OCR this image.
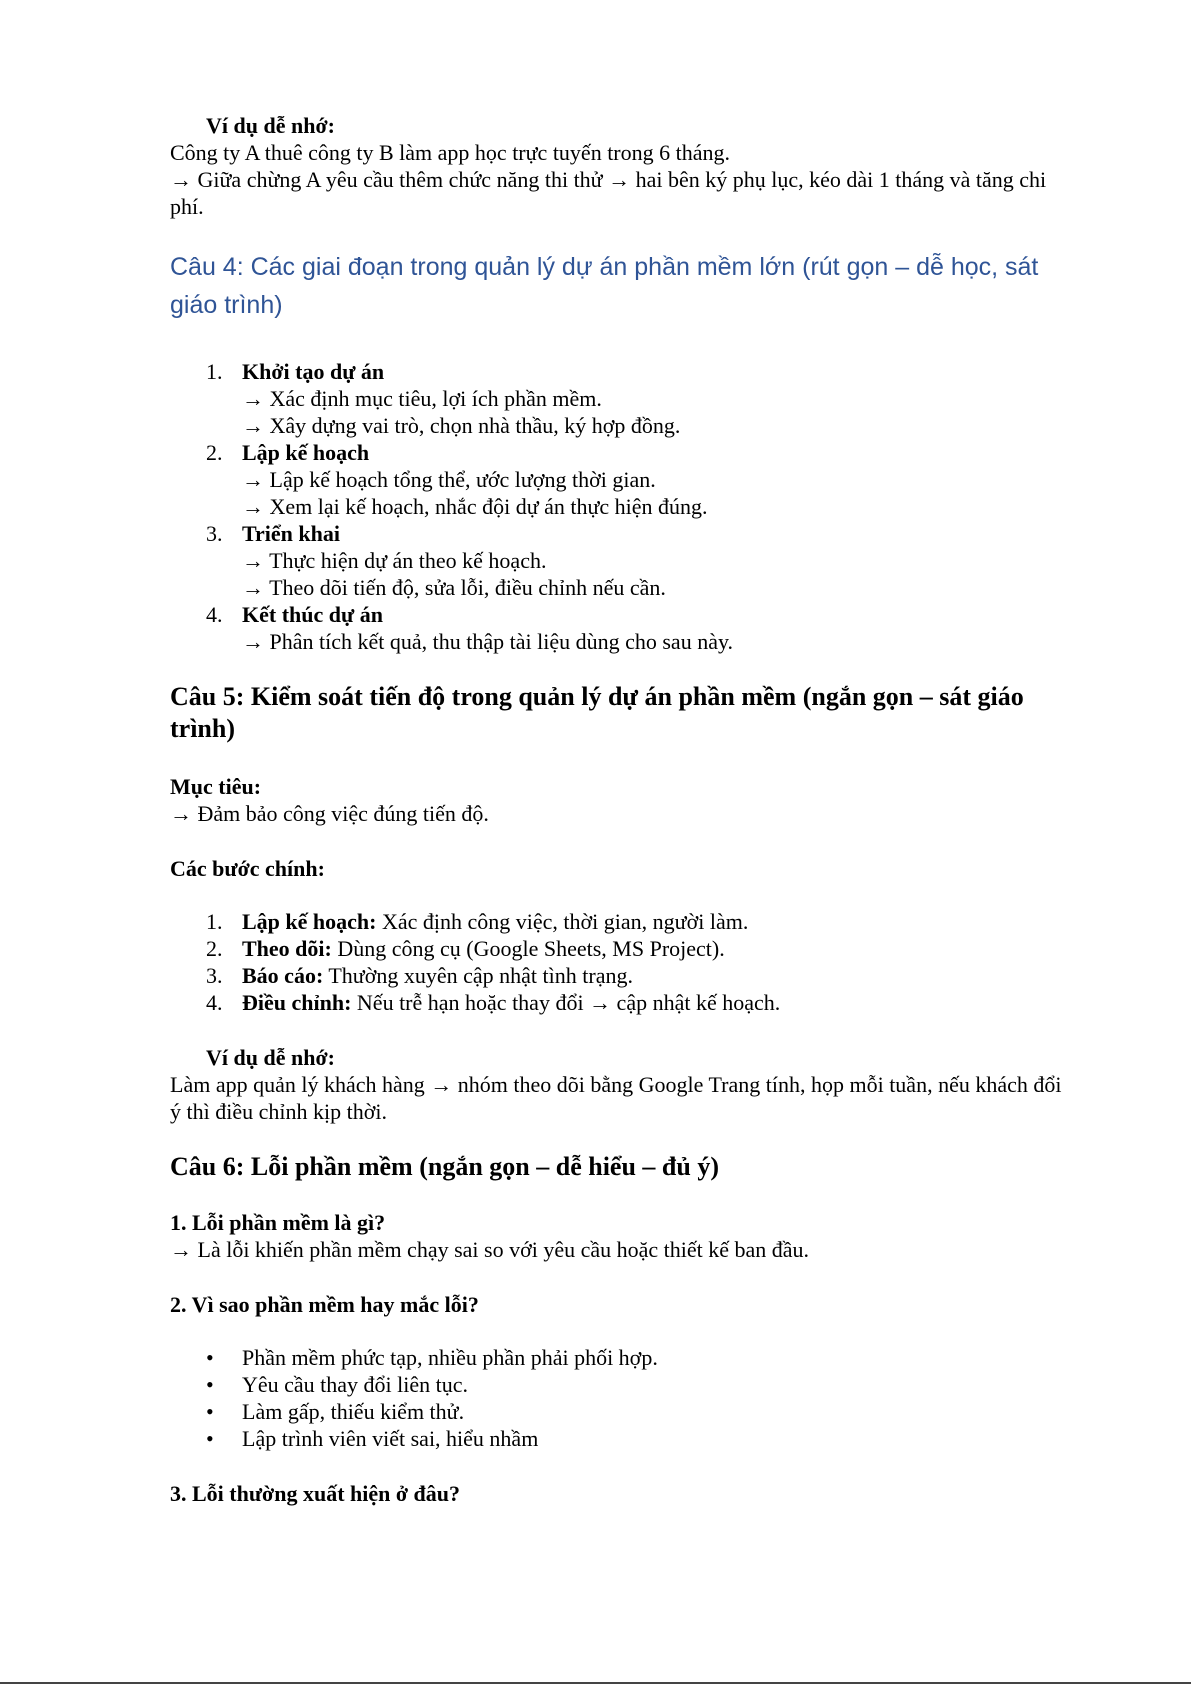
Ví dụ dễ nhớ:

Công ty A thuê công ty B làm app học trực tuyến trong 6 tháng.

→ Giữa chừng A yêu cầu thêm chức năng thi thử → hai bên ký phụ lục, kéo dài 1 tháng và tăng chi phí.

Câu 4: Các giai đoạn trong quản lý dự án phần mềm lớn (rút gọn – dễ học, sát giáo trình)
1. Khởi tạo dự án

→ Xác định mục tiêu, lợi ích phần mềm.

→ Xây dựng vai trò, chọn nhà thầu, ký hợp đồng.

2. Lập kế hoạch

→ Lập kế hoạch tổng thể, ước lượng thời gian.

→ Xem lại kế hoạch, nhắc đội dự án thực hiện đúng.

3. Triển khai

→ Thực hiện dự án theo kế hoạch.

→ Theo dõi tiến độ, sửa lỗi, điều chỉnh nếu cần.

4. Kết thúc dự án

→ Phân tích kết quả, thu thập tài liệu dùng cho sau này.

Câu 5: Kiểm soát tiến độ trong quản lý dự án phần mềm (ngắn gọn – sát giáo trình)

Mục tiêu:

→ Đảm bảo công việc đúng tiến độ.

Các bước chính:

1. Lập kế hoạch: Xác định công việc, thời gian, người làm.
2. Theo dõi: Dùng công cụ (Google Sheets, MS Project).
3. Báo cáo: Thường xuyên cập nhật tình trạng.
4. Điều chỉnh: Nếu trễ hạn hoặc thay đổi → cập nhật kế hoạch.

Ví dụ dễ nhớ:

Làm app quản lý khách hàng → nhóm theo dõi bằng Google Trang tính, họp mỗi tuần, nếu khách đổi ý thì điều chỉnh kịp thời.

Câu 6: Lỗi phần mềm (ngắn gọn – dễ hiểu – đủ ý)

1. Lỗi phần mềm là gì?

→ Là lỗi khiến phần mềm chạy sai so với yêu cầu hoặc thiết kế ban đầu.

2. Vì sao phần mềm hay mắc lỗi?

• Phần mềm phức tạp, nhiều phần phải phối hợp.
• Yêu cầu thay đổi liên tục.
• Làm gấp, thiếu kiểm thử.
• Lập trình viên viết sai, hiểu nhầm

3. Lỗi thường xuất hiện ở đâu?
